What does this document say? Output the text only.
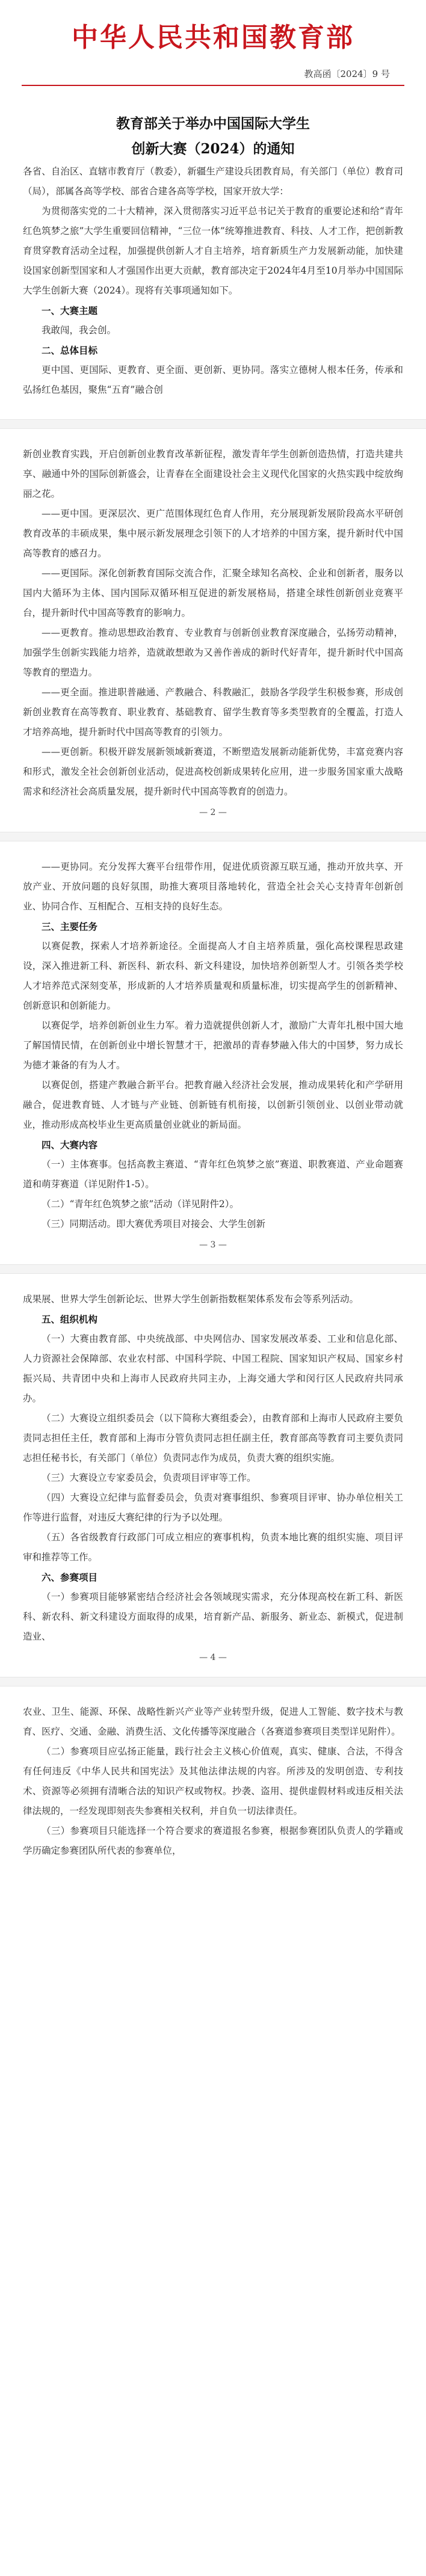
中华人民共和国教育部
教高函〔2024〕9 号
教育部关于举办中国国际大学生
创新大赛（2024）的通知

各省、自治区、直辖市教育厅（教委），新疆生产建设兵团教育局，有关部门（单位）教育司（局），部属各高等学校、部省合建各高等学校，国家开放大学：

为贯彻落实党的二十大精神，深入贯彻落实习近平总书记关于教育的重要论述和给“青年红色筑梦之旅”大学生重要回信精神，“三位一体”统筹推进教育、科技、人才工作，把创新教育贯穿教育活动全过程，加强提供创新人才自主培养，培育新质生产力发展新动能，加快建设国家创新型国家和人才强国作出更大贡献，教育部决定于2024年4月至10月举办中国国际大学生创新大赛（2024）。现将有关事项通知如下。

一、大赛主题

我敢闯，我会创。

二、总体目标

更中国、更国际、更教育、更全面、更创新、更协同。落实立德树人根本任务，传承和弘扬红色基因，聚焦“五育”融合创

新创业教育实践，开启创新创业教育改革新征程，激发青年学生创新创造热情，打造共建共享、融通中外的国际创新盛会，让青春在全面建设社会主义现代化国家的火热实践中绽放绚丽之花。

——更中国。更深层次、更广范围体现红色育人作用，充分展现新发展阶段高水平研创教育改革的丰硕成果，集中展示新发展理念引领下的人才培养的中国方案，提升新时代中国高等教育的感召力。

——更国际。深化创新教育国际交流合作，汇聚全球知名高校、企业和创新者，服务以国内大循环为主体、国内国际双循环相互促进的新发展格局，搭建全球性创新创业竞赛平台，提升新时代中国高等教育的影响力。

——更教育。推动思想政治教育、专业教育与创新创业教育深度融合，弘扬劳动精神，加强学生创新实践能力培养，造就敢想敢为又善作善成的新时代好青年，提升新时代中国高等教育的塑造力。

——更全面。推进职普融通、产教融合、科教融汇，鼓励各学段学生积极参赛，形成创新创业教育在高等教育、职业教育、基础教育、留学生教育等多类型教育的全覆盖，打造人才培养高地，提升新时代中国高等教育的引领力。

——更创新。积极开辟发展新领域新赛道，不断塑造发展新动能新优势，丰富竞赛内容和形式，激发全社会创新创业活动，促进高校创新成果转化应用，进一步服务国家重大战略需求和经济社会高质量发展，提升新时代中国高等教育的创造力。

— 2 —

——更协同。充分发挥大赛平台纽带作用，促进优质资源互联互通，推动开放共享、开放产业、开放问题的良好氛围，助推大赛项目落地转化，营造全社会关心支持青年创新创业、协同合作、互相配合、互相支持的良好生态。

三、主要任务

以赛促教，探索人才培养新途径。全面提高人才自主培养质量，强化高校课程思政建设，深入推进新工科、新医科、新农科、新文科建设，加快培养创新型人才。引领各类学校人才培养范式深刻变革，形成新的人才培养质量观和质量标准，切实提高学生的创新精神、创新意识和创新能力。

以赛促学，培养创新创业生力军。着力造就提供创新人才，激励广大青年扎根中国大地了解国情民情，在创新创业中增长智慧才干，把激昂的青春梦融入伟大的中国梦，努力成长为德才兼备的有为人才。

以赛促创，搭建产教融合新平台。把教育融入经济社会发展，推动成果转化和产学研用融合，促进教育链、人才链与产业链、创新链有机衔接，以创新引领创业、以创业带动就业，推动形成高校毕业生更高质量创业就业的新局面。

四、大赛内容

（一）主体赛事。包括高教主赛道、“青年红色筑梦之旅”赛道、职教赛道、产业命题赛道和萌芽赛道（详见附件1-5）。

（二）“青年红色筑梦之旅”活动（详见附件2）。

（三）同期活动。即大赛优秀项目对接会、大学生创新

— 3 —

成果展、世界大学生创新论坛、世界大学生创新指数框架体系发布会等系列活动。

五、组织机构

（一）大赛由教育部、中央统战部、中央网信办、国家发展改革委、工业和信息化部、人力资源社会保障部、农业农村部、中国科学院、中国工程院、国家知识产权局、国家乡村振兴局、共青团中央和上海市人民政府共同主办，上海交通大学和闵行区人民政府共同承办。

（二）大赛设立组织委员会（以下简称大赛组委会），由教育部和上海市人民政府主要负责同志担任主任，教育部和上海市分管负责同志担任副主任，教育部高等教育司主要负责同志担任秘书长，有关部门（单位）负责同志作为成员，负责大赛的组织实施。

（三）大赛设立专家委员会，负责项目评审等工作。

（四）大赛设立纪律与监督委员会，负责对赛事组织、参赛项目评审、协办单位相关工作等进行监督，对违反大赛纪律的行为予以处理。

（五）各省级教育行政部门可成立相应的赛事机构，负责本地比赛的组织实施、项目评审和推荐等工作。

六、参赛项目

（一）参赛项目能够紧密结合经济社会各领域现实需求，充分体现高校在新工科、新医科、新农科、新文科建设方面取得的成果，培育新产品、新服务、新业态、新模式，促进制造业、

— 4 —

农业、卫生、能源、环保、战略性新兴产业等产业转型升级，促进人工智能、数字技术与教育、医疗、交通、金融、消费生活、文化传播等深度融合（各赛道参赛项目类型详见附件）。

（二）参赛项目应弘扬正能量，践行社会主义核心价值观，真实、健康、合法，不得含有任何违反《中华人民共和国宪法》及其他法律法规的内容。所涉及的发明创造、专利技术、资源等必须拥有清晰合法的知识产权或物权。抄袭、盗用、提供虚假材料或违反相关法律法规的，一经发现即刻丧失参赛相关权利，并自负一切法律责任。

（三）参赛项目只能选择一个符合要求的赛道报名参赛，根据参赛团队负责人的学籍或学历确定参赛团队所代表的参赛单位，
